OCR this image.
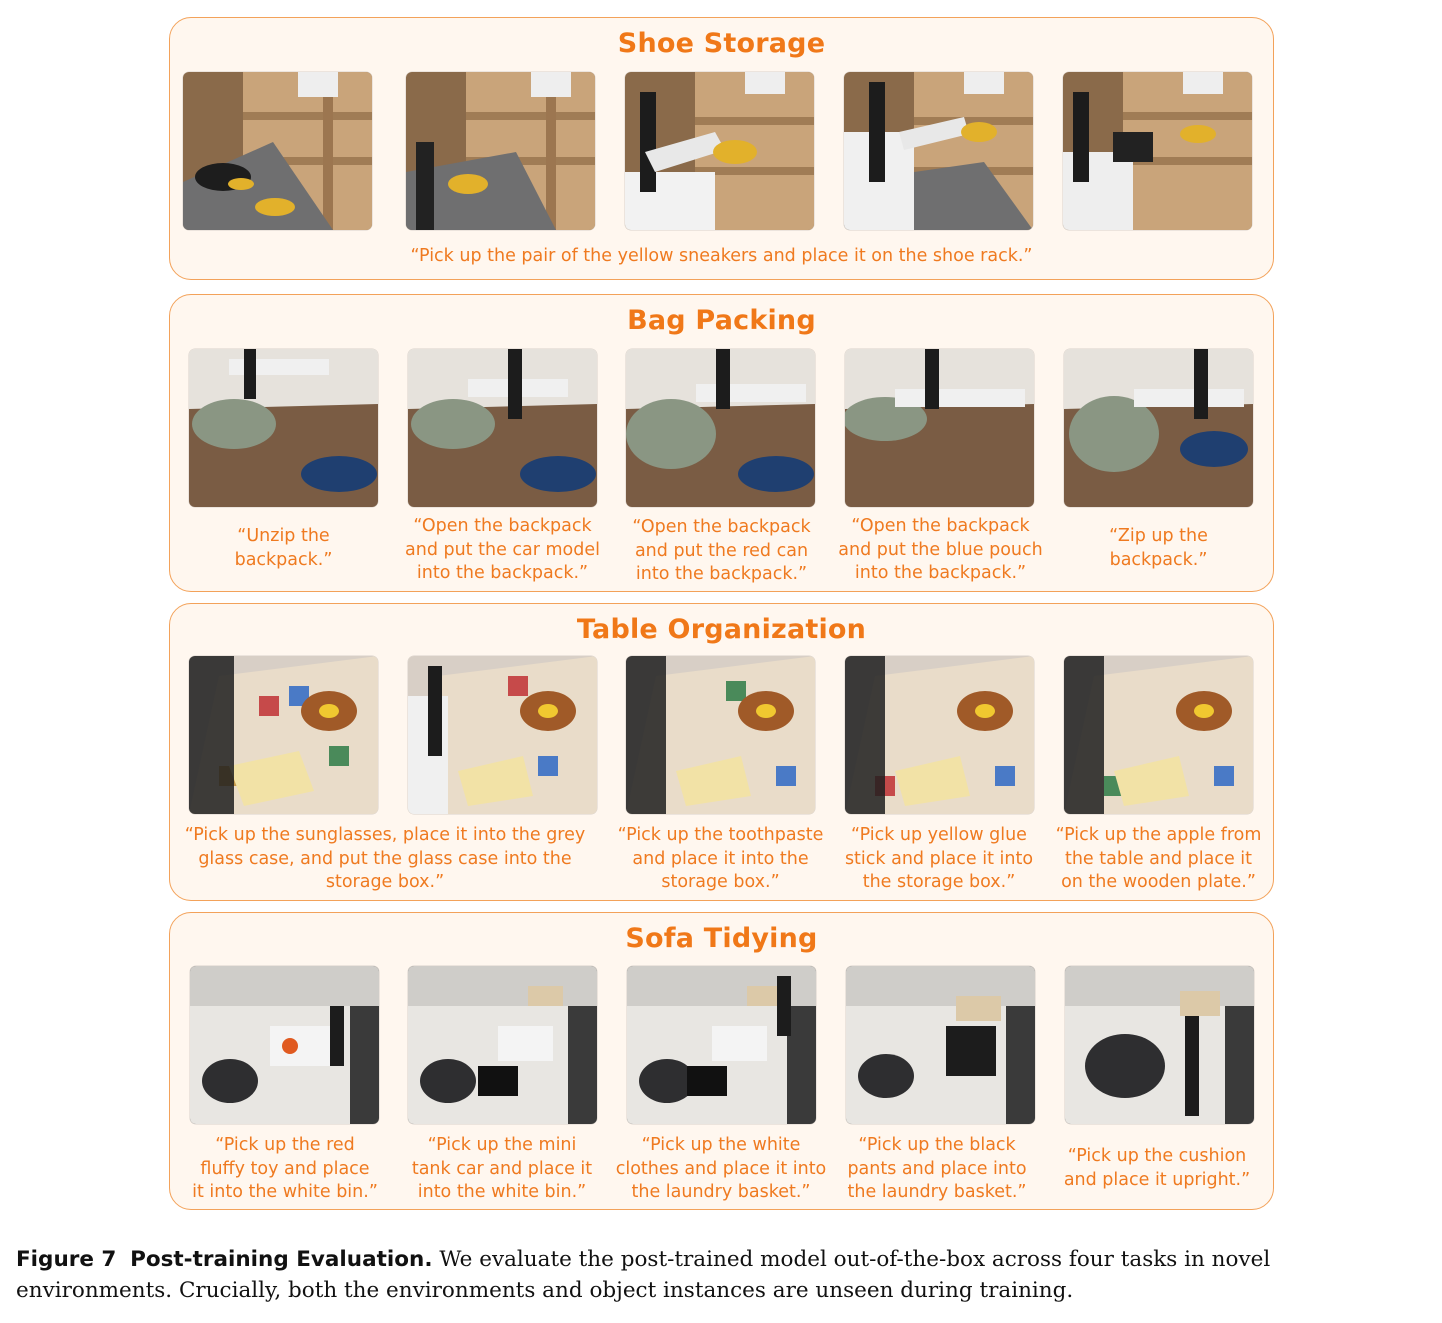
Shoe Storage
“Pick up the pair of the yellow sneakers and place it on the shoe rack.”
Bag Packing
“Unzip the
backpack.”
“Open the backpack
and put the car model
into the backpack.”
“Open the backpack
and put the red can
into the backpack.”
“Open the backpack
and put the blue pouch
into the backpack.”
“Zip up the
backpack.”
Table Organization
“Pick up the sunglasses, place it into the grey
glass case, and put the glass case into the
storage box.”
“Pick up the toothpaste
and place it into the
storage box.”
“Pick up yellow glue
stick and place it into
the storage box.”
“Pick up the apple from
the table and place it
on the wooden plate.”
Sofa Tidying
“Pick up the red
fluffy toy and place
it into the white bin.”
“Pick up the mini
tank car and place it
into the white bin.”
“Pick up the white
clothes and place it into
the laundry basket.”
“Pick up the black
pants and place into
the laundry basket.”
“Pick up the cushion
and place it upright.”
Figure 7 Post-training Evaluation. We evaluate the post-trained model out-of-the-box across four tasks in novel environments. Crucially, both the environments and object instances are unseen during training.
